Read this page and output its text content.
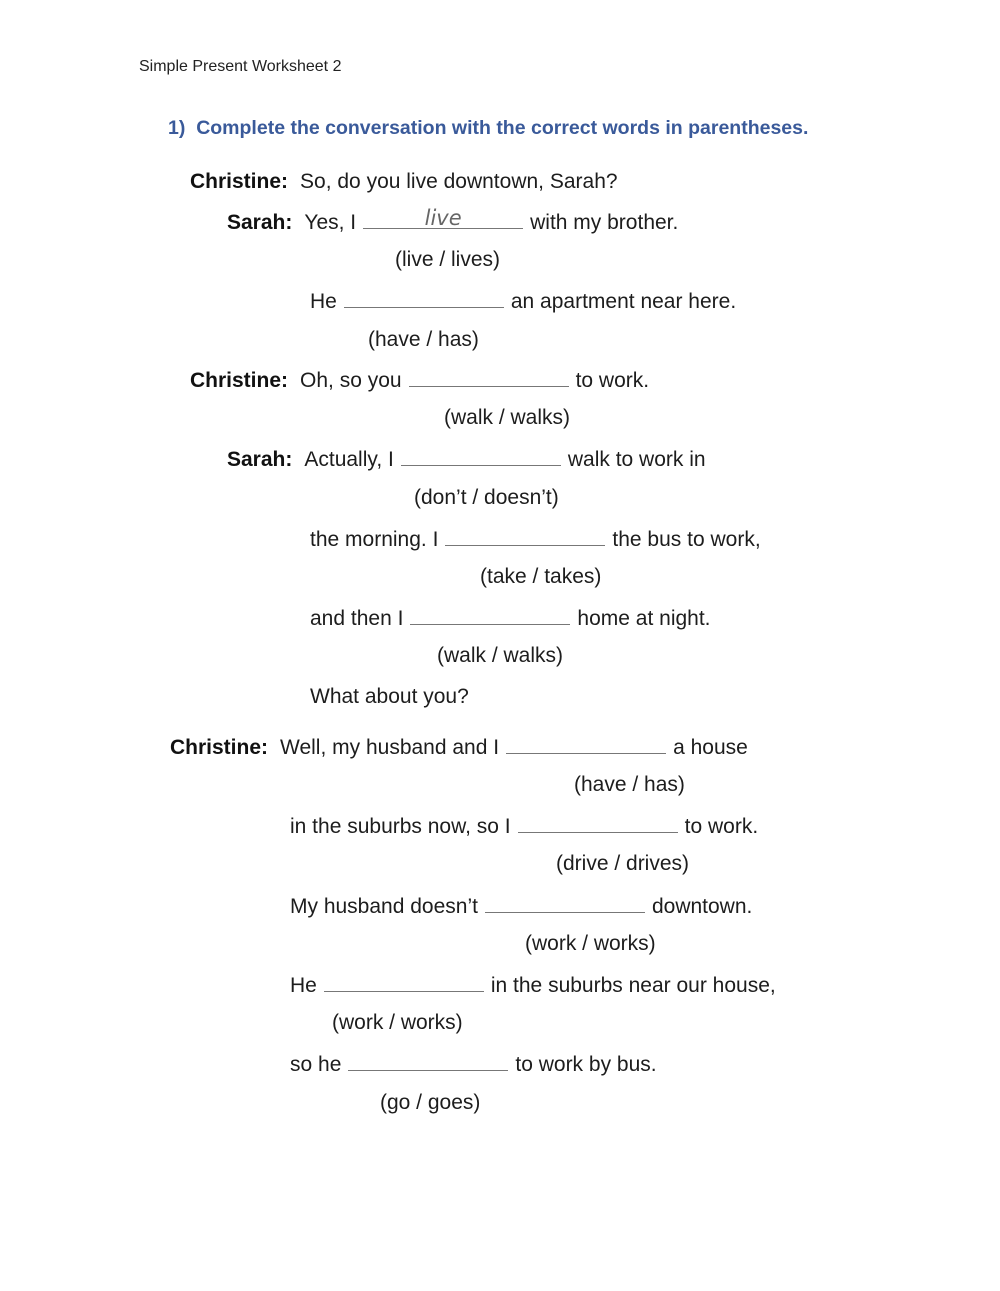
Simple Present Worksheet 2
1) Complete the conversation with the correct words in parentheses.
Christine: So, do you live downtown, Sarah?
Sarah: Yes, I	live	with my brother.
(live / lives)
He	an apartment near here.
(have / has)
Christine: Oh, so you	to work.
(walk / walks)
Sarah: Actually, I	walk to work in
(don’t / doesn’t)
the morning. I	the bus to work,
(take / takes)
and then I	home at night.
(walk / walks)
What about you?
Christine: Well, my husband and I	a house
(have / has)
in the suburbs now, so I	to work.
(drive / drives)
My husband doesn’t	downtown.
(work / works)
He	in the suburbs near our house,
(work / works)
so he	to work by bus.
(go / goes)
